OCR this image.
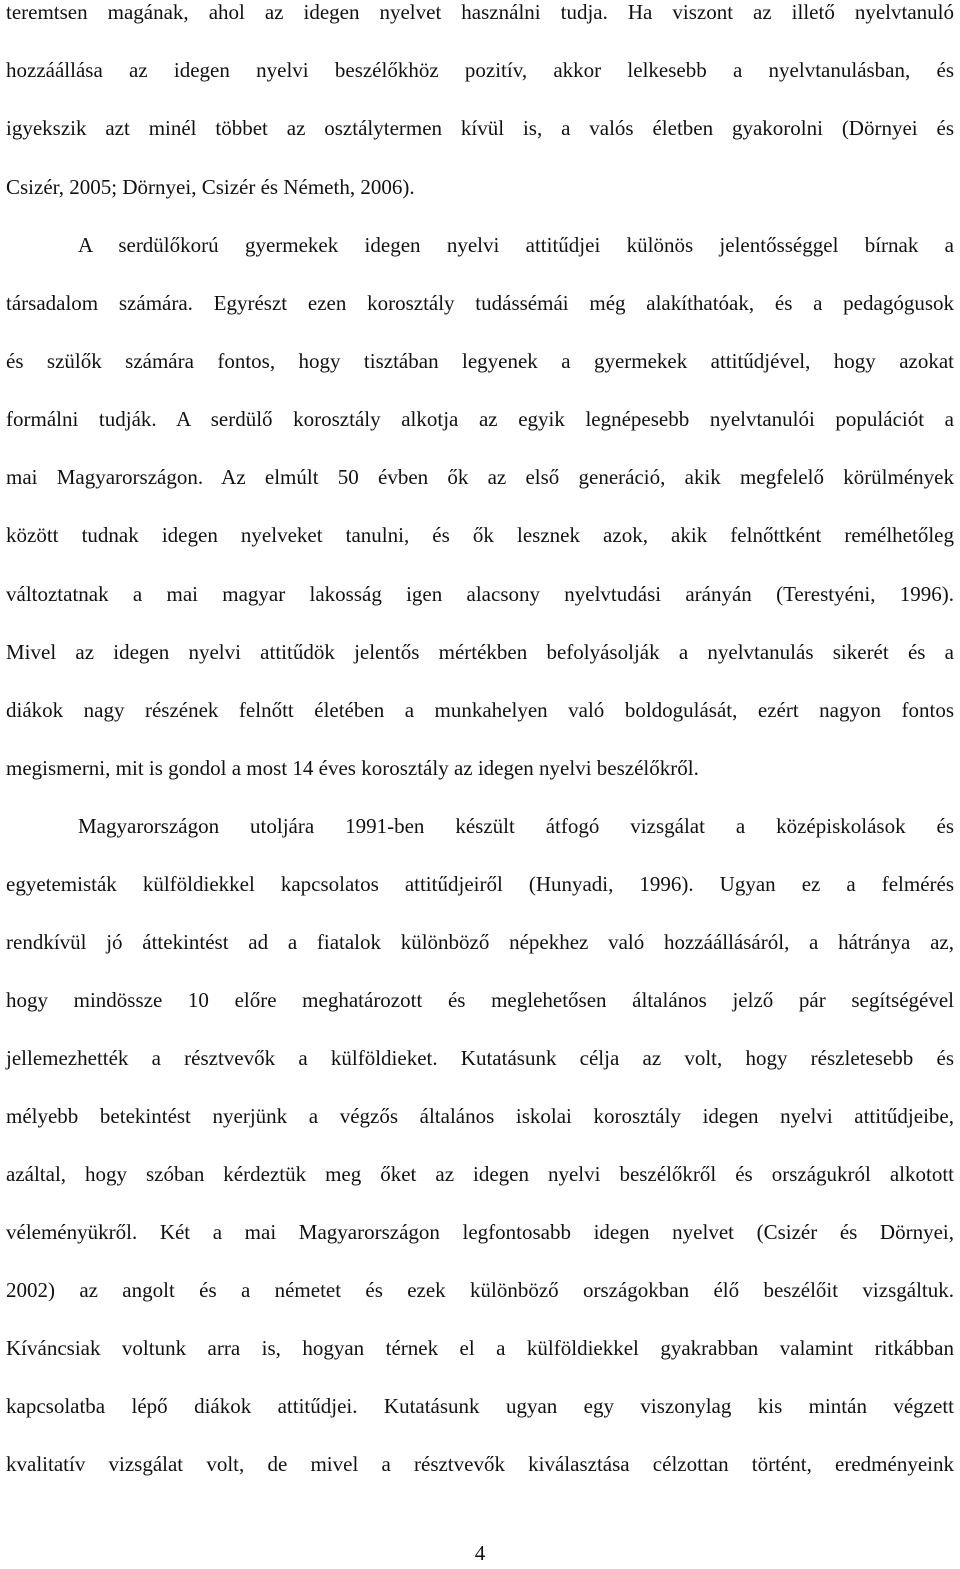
teremtsen magának, ahol az idegen nyelvet használni tudja. Ha viszont az illető nyelvtanuló
hozzáállása az idegen nyelvi beszélőkhöz pozitív, akkor lelkesebb a nyelvtanulásban, és
igyekszik azt minél többet az osztálytermen kívül is, a valós életben gyakorolni (Dörnyei és
Csizér, 2005; Dörnyei, Csizér és Németh, 2006).
A serdülőkorú gyermekek idegen nyelvi attitűdjei különös jelentősséggel bírnak a
társadalom számára. Egyrészt ezen korosztály tudássémái még alakíthatóak, és a pedagógusok
és szülők számára fontos, hogy tisztában legyenek a gyermekek attitűdjével, hogy azokat
formálni tudják. A serdülő korosztály alkotja az egyik legnépesebb nyelvtanulói populációt a
mai Magyarországon. Az elmúlt 50 évben ők az első generáció, akik megfelelő körülmények
között tudnak idegen nyelveket tanulni, és ők lesznek azok, akik felnőttként remélhetőleg
változtatnak a mai magyar lakosság igen alacsony nyelvtudási arányán (Terestyéni, 1996).
Mivel az idegen nyelvi attitűdök jelentős mértékben befolyásolják a nyelvtanulás sikerét és a
diákok nagy részének felnőtt életében a munkahelyen való boldogulását, ezért nagyon fontos
megismerni, mit is gondol a most 14 éves korosztály az idegen nyelvi beszélőkről.
Magyarországon utoljára 1991-ben készült átfogó vizsgálat a középiskolások és
egyetemisták külföldiekkel kapcsolatos attitűdjeiről (Hunyadi, 1996). Ugyan ez a felmérés
rendkívül jó áttekintést ad a fiatalok különböző népekhez való hozzáállásáról, a hátránya az,
hogy mindössze 10 előre meghatározott és meglehetősen általános jelző pár segítségével
jellemezhették a résztvevők a külföldieket. Kutatásunk célja az volt, hogy részletesebb és
mélyebb betekintést nyerjünk a végzős általános iskolai korosztály idegen nyelvi attitűdjeibe,
azáltal, hogy szóban kérdeztük meg őket az idegen nyelvi beszélőkről és országukról alkotott
véleményükről. Két a mai Magyarországon legfontosabb idegen nyelvet (Csizér és Dörnyei,
2002) az angolt és a németet és ezek különböző országokban élő beszélőit vizsgáltuk.
Kíváncsiak voltunk arra is, hogyan térnek el a külföldiekkel gyakrabban valamint ritkábban
kapcsolatba lépő diákok attitűdjei. Kutatásunk ugyan egy viszonylag kis mintán végzett
kvalitatív vizsgálat volt, de mivel a résztvevők kiválasztása célzottan történt, eredményeink
4
